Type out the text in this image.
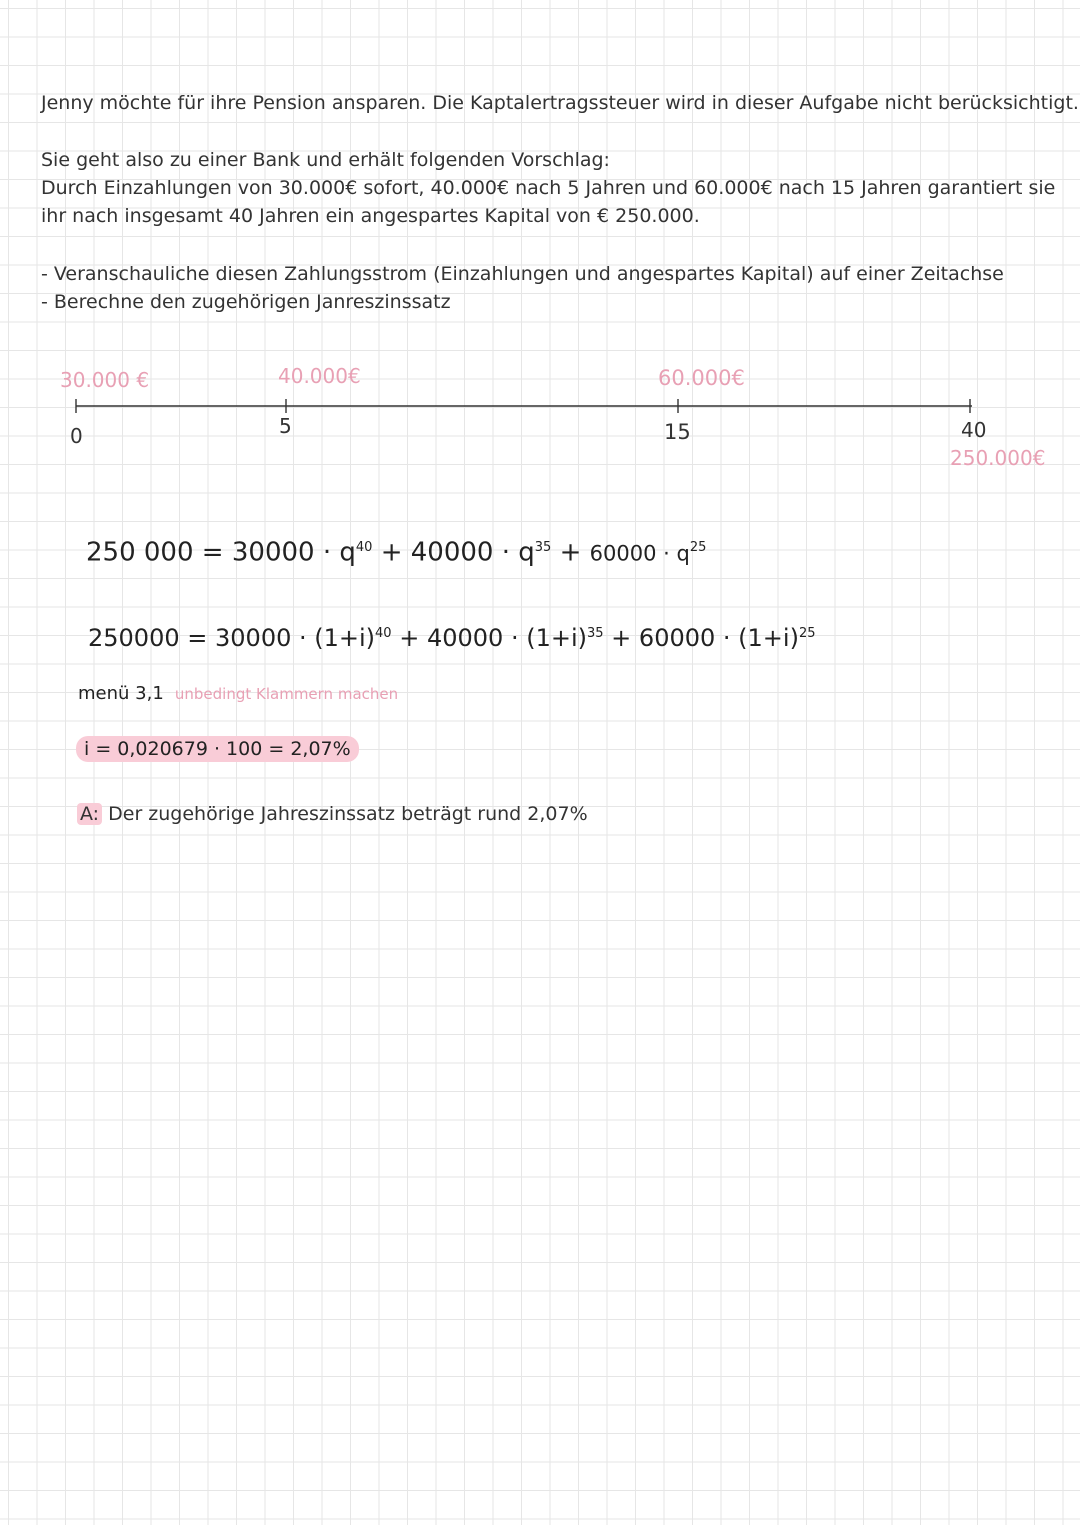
Jenny möchte für ihre Pension ansparen. Die Kaptalertragssteuer wird in dieser Aufgabe nicht berücksichtigt.
Sie geht also zu einer Bank und erhält folgenden Vorschlag:
Durch Einzahlungen von 30.000€ sofort, 40.000€ nach 5 Jahren und 60.000€ nach 15 Jahren garantiert sie
ihr nach insgesamt 40 Jahren ein angespartes Kapital von € 250.000.
- Veranschauliche diesen Zahlungsstrom (Einzahlungen und angespartes Kapital) auf einer Zeitachse
- Berechne den zugehörigen Janreszinssatz
30.000 €
0
40.000€
5
60.000€
15	40
250.000€
250 $000 = 30000 \cdot q^{40} + 40000 \cdot q^{35} + 60000 \cdot q^{25}$
$250000 = 30000 \cdot (1+i)^{40} + 40000 \cdot (1+i)^{35} + 60000 \cdot (1+i)^{25}$
menü 3,1 unbedingt Klammern machen
i = 0,020679 · 100 = 2,07%
A: Der zugehörige Jahreszinssatz beträgt rund 2,07%
